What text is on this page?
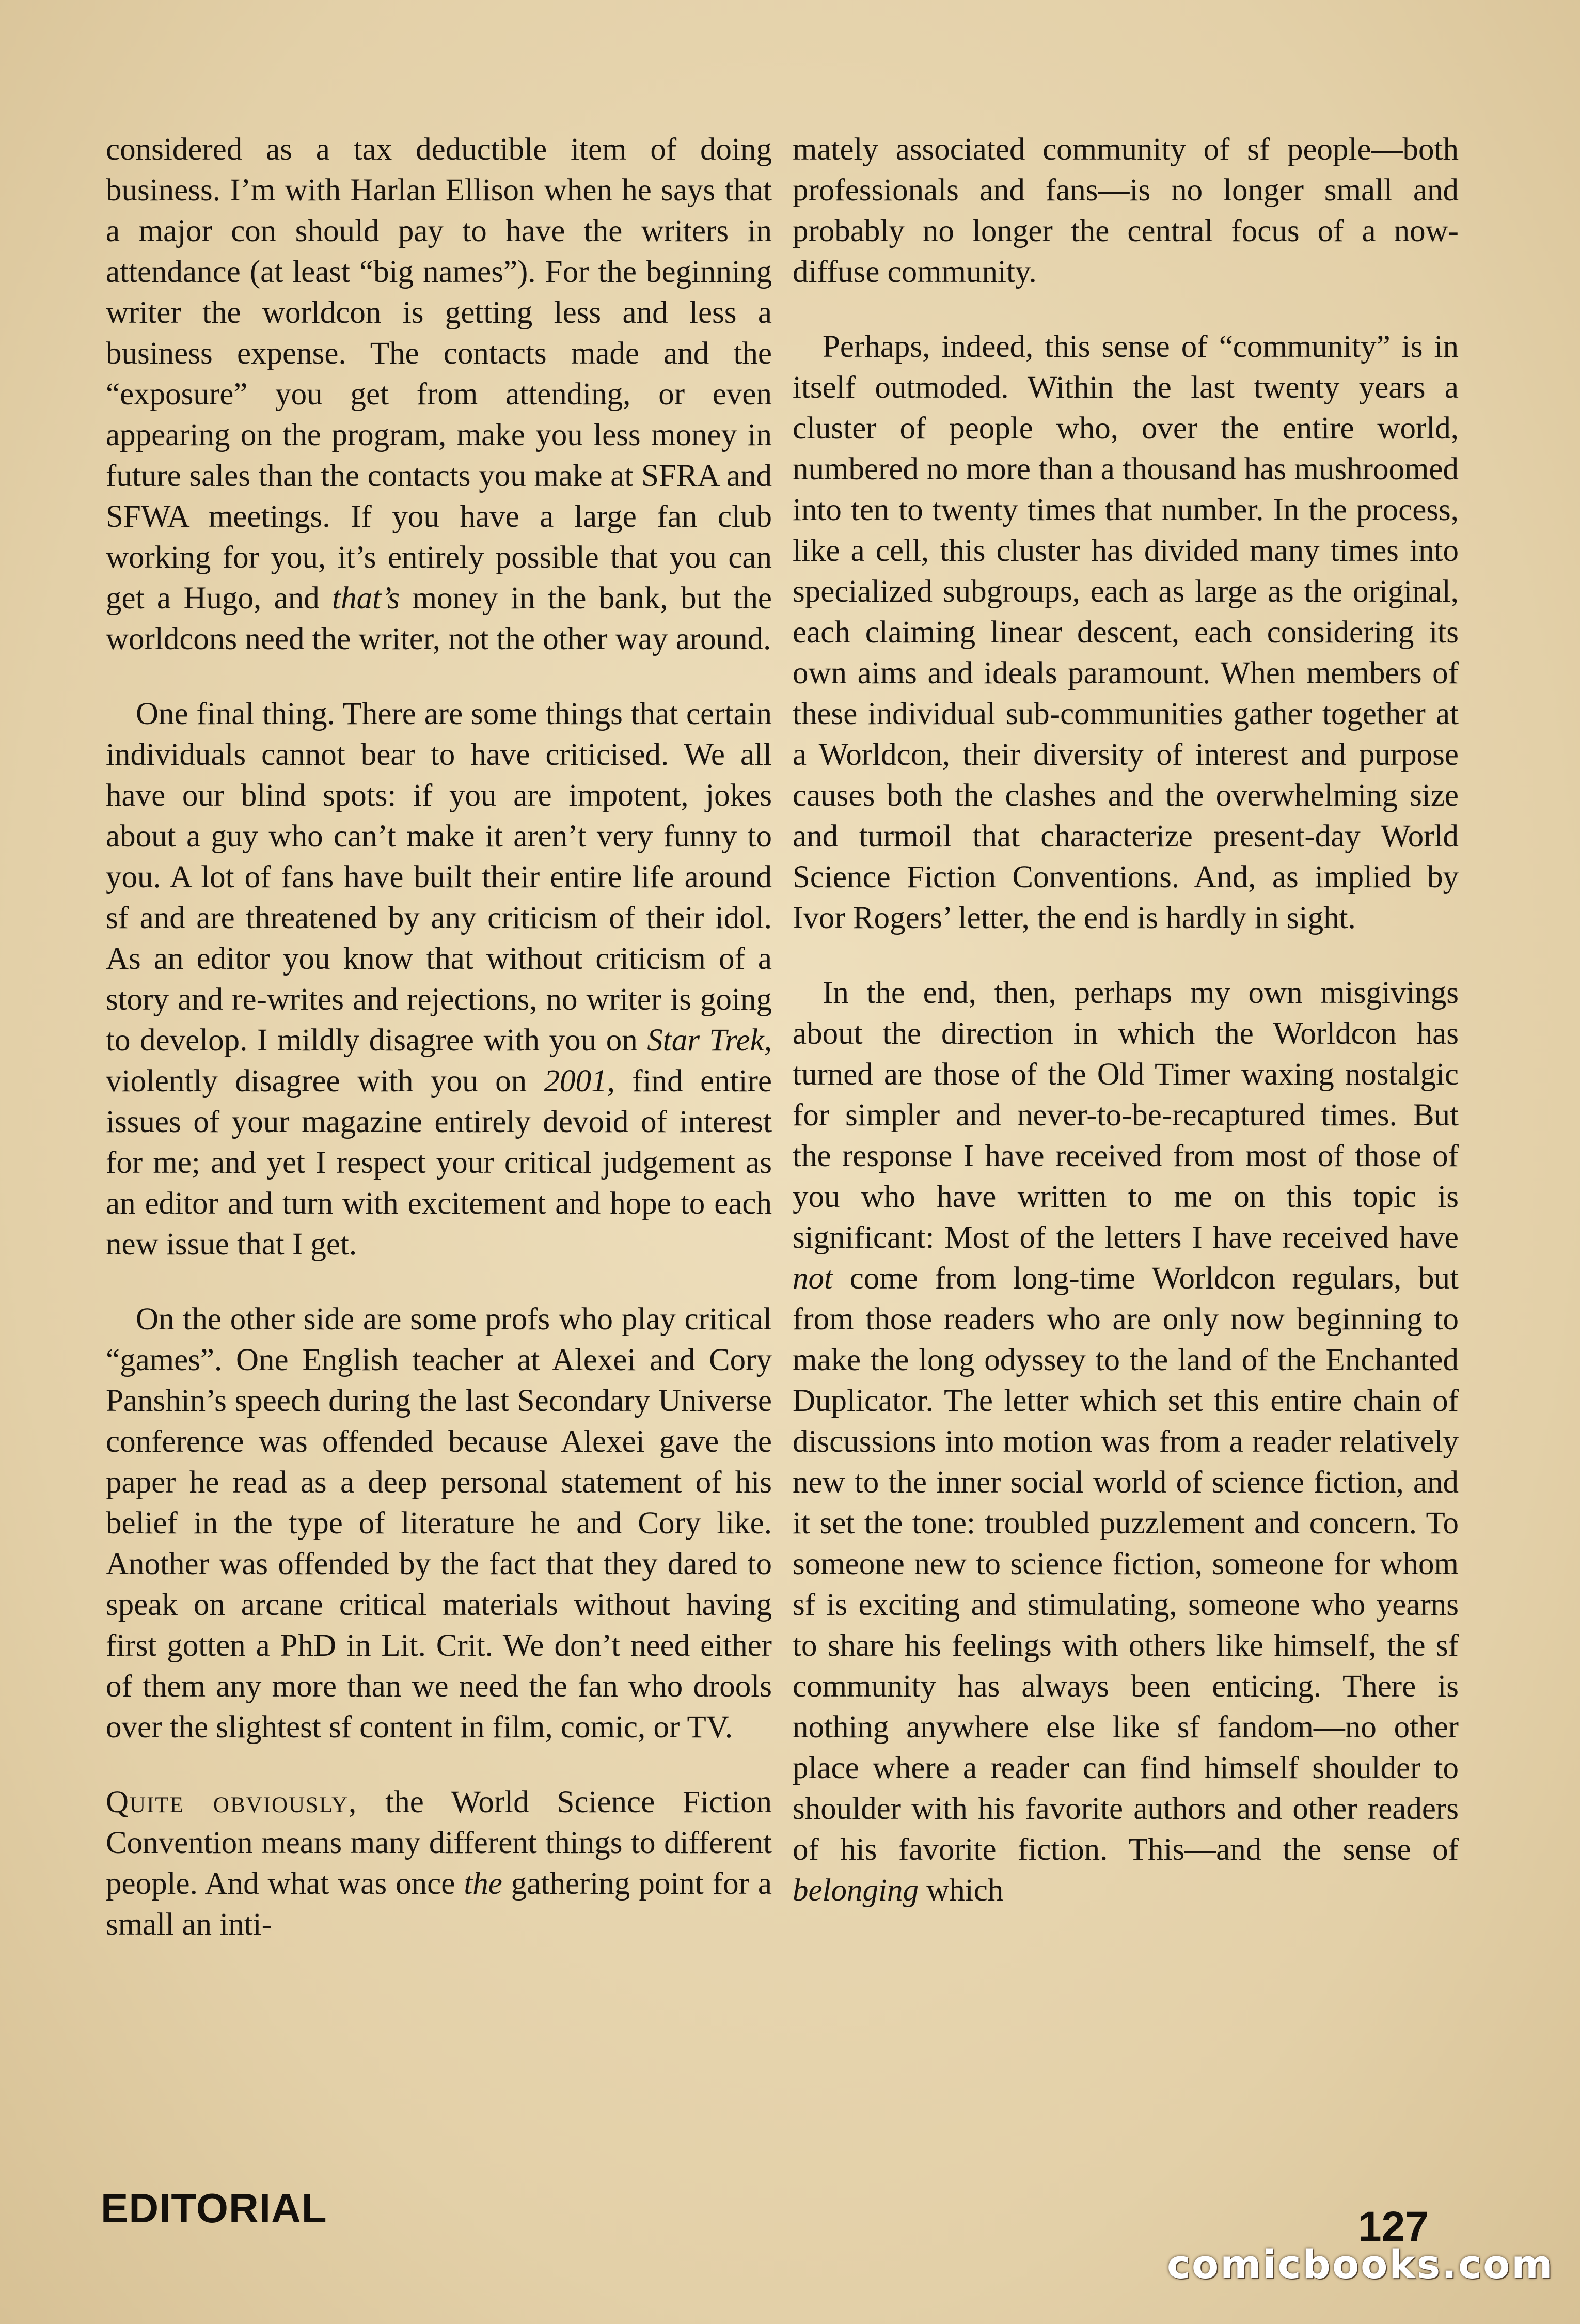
considered as a tax deductible item of doing business. I’m with Harlan Ellison when he says that a major con should pay to have the writers in attendance (at least “big names”). For the beginning writer the worldcon is getting less and less a business expense. The contacts made and the “exposure” you get from attending, or even appearing on the program, make you less money in future sales than the contacts you make at SFRA and SFWA meetings. If you have a large fan club working for you, it’s entirely possible that you can get a Hugo, and that’s money in the bank, but the worldcons need the writer, not the other way around.

One final thing. There are some things that certain individuals cannot bear to have criticised. We all have our blind spots: if you are impotent, jokes about a guy who can’t make it aren’t very funny to you. A lot of fans have built their entire life around sf and are threatened by any criticism of their idol. As an editor you know that without criticism of a story and re-writes and rejections, no writer is going to develop. I mildly disagree with you on Star Trek, violently disagree with you on 2001, find entire issues of your magazine entirely devoid of interest for me; and yet I respect your critical judgement as an editor and turn with excitement and hope to each new issue that I get.

On the other side are some profs who play critical “games”. One English teacher at Alexei and Cory Panshin’s speech during the last Secondary Universe conference was offended because Alexei gave the paper he read as a deep personal statement of his belief in the type of literature he and Cory like. Another was offended by the fact that they dared to speak on arcane critical materials without having first gotten a PhD in Lit. Crit. We don’t need either of them any more than we need the fan who drools over the slightest sf content in film, comic, or TV.

Quite obviously, the World Science Fiction Convention means many different things to different people. And what was once the gathering point for a small an inti-

mately associated community of sf people—both professionals and fans—is no longer small and probably no longer the central focus of a now-diffuse community.

Perhaps, indeed, this sense of “community” is in itself outmoded. Within the last twenty years a cluster of people who, over the entire world, numbered no more than a thousand has mushroomed into ten to twenty times that number. In the process, like a cell, this cluster has divided many times into specialized subgroups, each as large as the original, each claiming linear descent, each considering its own aims and ideals paramount. When members of these individual sub-communities gather together at a Worldcon, their diversity of interest and purpose causes both the clashes and the overwhelming size and turmoil that characterize present-day World Science Fiction Conventions. And, as implied by Ivor Rogers’ letter, the end is hardly in sight.

In the end, then, perhaps my own misgivings about the direction in which the Worldcon has turned are those of the Old Timer waxing nostalgic for simpler and never-to-be-recaptured times. But the response I have received from most of those of you who have written to me on this topic is significant: Most of the letters I have received have not come from long-time Worldcon regulars, but from those readers who are only now beginning to make the long odyssey to the land of the Enchanted Duplicator. The letter which set this entire chain of discussions into motion was from a reader relatively new to the inner social world of science fiction, and it set the tone: troubled puzzlement and concern. To someone new to science fiction, someone for whom sf is exciting and stimulating, someone who yearns to share his feelings with others like himself, the sf community has always been enticing. There is nothing anywhere else like sf fandom—no other place where a reader can find himself shoulder to shoulder with his favorite authors and other readers of his favorite fiction. This—and the sense of belonging which

EDITORIAL	127
comicbooks.com
